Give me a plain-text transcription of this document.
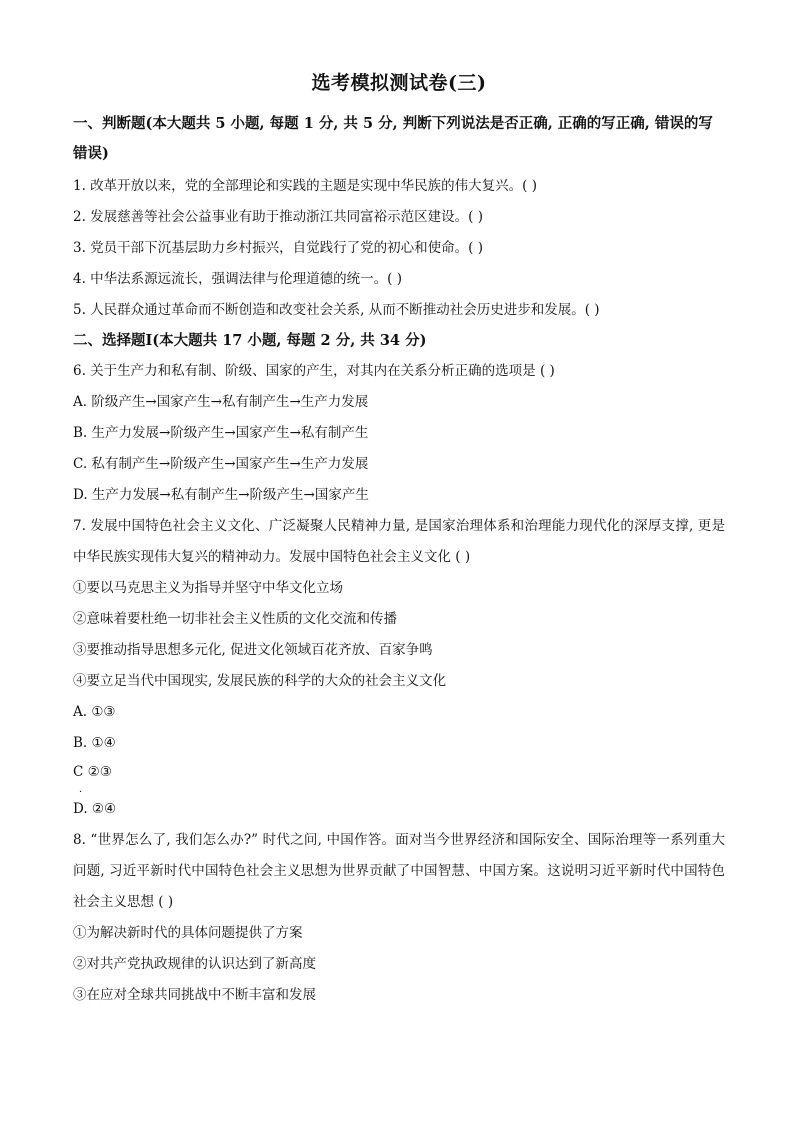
选考模拟测试卷(三)
一、判断题(本大题共 5 小题, 每题 1 分, 共 5 分, 判断下列说法是否正确, 正确的写正确, 错误的写错误)
1. 改革开放以来，党的全部理论和实践的主题是实现中华民族的伟大复兴。( )
2. 发展慈善等社会公益事业有助于推动浙江共同富裕示范区建设。( )
3. 党员干部下沉基层助力乡村振兴，自觉践行了党的初心和使命。( )
4. 中华法系源远流长，强调法律与伦理道德的统一。( )
5. 人民群众通过革命而不断创造和改变社会关系, 从而不断推动社会历史进步和发展。( )
二、选择题Ⅰ(本大题共 17 小题, 每题 2 分, 共 34 分)
6. 关于生产力和私有制、阶级、国家的产生，对其内在关系分析正确的选项是 ( )
A. 阶级产生→国家产生→私有制产生→生产力发展
B. 生产力发展→阶级产生→国家产生→私有制产生
C. 私有制产生→阶级产生→国家产生→生产力发展
D. 生产力发展→私有制产生→阶级产生→国家产生
7. 发展中国特色社会主义文化、广泛凝聚人民精神力量, 是国家治理体系和治理能力现代化的深厚支撑, 更是中华民族实现伟大复兴的精神动力。发展中国特色社会主义文化 ( )
①要以马克思主义为指导并坚守中华文化立场
②意味着要杜绝一切非社会主义性质的文化交流和传播
③要推动指导思想多元化, 促进文化领域百花齐放、百家争鸣
④要立足当代中国现实, 发展民族的科学的大众的社会主义文化
A. ①③
B. ①④
C ②③
．
D. ②④
8. “世界怎么了, 我们怎么办?” 时代之问, 中国作答。面对当今世界经济和国际安全、国际治理等一系列重大问题, 习近平新时代中国特色社会主义思想为世界贡献了中国智慧、中国方案。这说明习近平新时代中国特色社会主义思想 ( )
①为解决新时代的具体问题提供了方案
②对共产党执政规律的认识达到了新高度
③在应对全球共同挑战中不断丰富和发展
